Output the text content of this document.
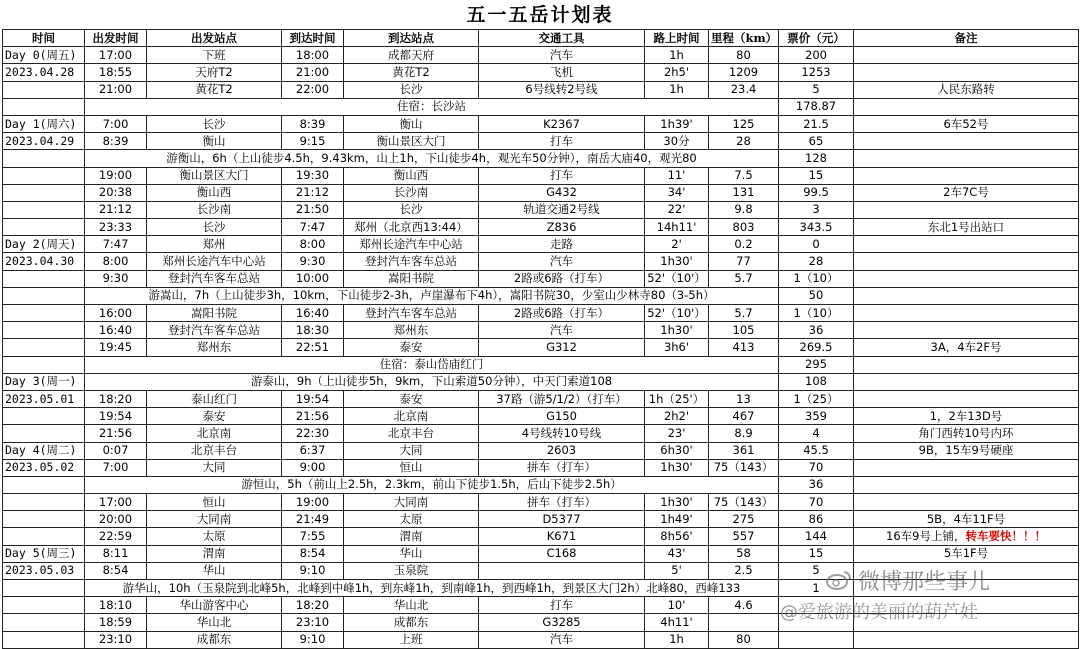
五一五岳计划表
时间	出发时间	出发站点	到达时间	到达站点	交通工具	路上时间	里程（km）	票价（元）	备注
Day 0(周五)	17:00	下班	18:00	成都天府	汽车	1h	80	200	
2023.04.28	18:55	天府T2	21:00	黄花T2	飞机	2h5'	1209	1253	
	21:00	黄花T2	22:00	长沙	6号线转2号线	1h	23.4	5	人民东路转
	住宿：长沙站							178.87	
Day 1(周六)	7:00	长沙	8:39	衡山	K2367	1h39'	125	21.5	6车52号
2023.04.29	8:39	衡山	9:15	衡山景区大门	打车	30分	28	65	
	游衡山，6h（上山徒步4.5h，9.43km，山上1h，下山徒步4h，观光车50分钟），南岳大庙40，观光80							128	
	19:00	衡山景区大门	19:30	衡山西	打车	11'	7.5	15	
	20:38	衡山西	21:12	长沙南	G432	34'	131	99.5	2车7C号
	21:12	长沙南	21:50	长沙	轨道交通2号线	22'	9.8	3	
	23:33	长沙	7:47	郑州（北京西13:44）	Z836	14h11'	803	343.5	东北1号出站口
Day 2(周天)	7:47	郑州	8:00	郑州长途汽车中心站	走路	2'	0.2	0	
2023.04.30	8:00	郑州长途汽车中心站	9:30	登封汽车客车总站	汽车	1h30'	77	28	
	9:30	登封汽车客车总站	10:00	嵩阳书院	2路或6路（打车）	52'（10'）	5.7	1（10）	
	游嵩山，7h（上山徒步3h，10km，下山徒步2-3h，卢崖瀑布下4h），嵩阳书院30，少室山少林寺80（3-5h）							50	
	16:00	嵩阳书院	16:40	登封汽车客车总站	2路或6路（打车）	52'（10'）	5.7	1（10）	
	16:40	登封汽车客车总站	18:30	郑州东	汽车	1h30'	105	36	
	19:45	郑州东	22:51	泰安	G312	3h6'	413	269.5	3A，4车2F号
	住宿：泰山岱庙红门							295	
Day 3(周一)	游泰山，9h（上山徒步5h，9km，下山索道50分钟），中天门索道108							108	
2023.05.01	18:20	泰山红门	19:54	泰安	37路（游5/1/2）（打车）	1h（25'）	13	1（25）	
	19:54	泰安	21:56	北京南	G150	2h2'	467	359	1，2车13D号
	21:56	北京南	22:30	北京丰台	4号线转10号线	23'	8.9	4	角门西转10号内环
Day 4(周二)	0:07	北京丰台	6:37	大同	2603	6h30'	361	45.5	9B，15车9号硬座
2023.05.02	7:00	大同	9:00	恒山	拼车（打车）	1h30'	75（143）	70	
	游恒山，5h（前山上2.5h，2.3km，前山下徒步1.5h，后山下徒步2.5h）							36	
	17:00	恒山	19:00	大同南	拼车（打车）	1h30'	75（143）	70	
	20:00	大同南	21:49	太原	D5377	1h49'	275	86	5B，4车11F号
	22:59	太原	7:55	渭南	K671	8h56'	557	144	16车9号上铺，转车要快！！！
Day 5(周三)	8:11	渭南	8:54	华山	C168	43'	58	15	5车1F号
2023.05.03	8:54	华山	9:10	玉泉院		5'	2.5	5	
	游华山，10h（玉泉院到北峰5h，北峰到中峰1h，到东峰1h，到南峰1h，到西峰1h，到景区大门2h）北峰80，西峰133							1	
	18:10	华山游客中心	18:20	华山北	打车	10'	4.6		
	18:59	华山北	23:10	成都东	G3285	4h11'			
	23:10	成都东	9:10	上班	汽车	1h	80		
微博那些事儿
@爱旅游的美丽的葫芦娃
